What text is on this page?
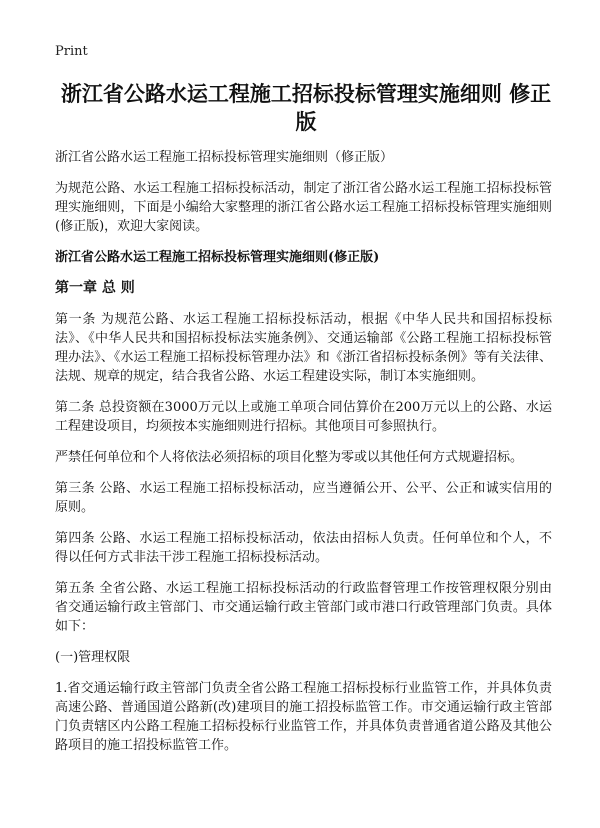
Print
浙江省公路水运工程施工招标投标管理实施细则 修正版

浙江省公路水运工程施工招标投标管理实施细则（修正版）

为规范公路、水运工程施工招标投标活动，制定了浙江省公路水运工程施工招标投标管理实施细则，下面是小编给大家整理的浙江省公路水运工程施工招标投标管理实施细则(修正版)，欢迎大家阅读。

浙江省公路水运工程施工招标投标管理实施细则(修正版)

第一章 总 则

第一条 为规范公路、水运工程施工招标投标活动，根据《中华人民共和国招标投标法》、《中华人民共和国招标投标法实施条例》、交通运输部《公路工程施工招标投标管理办法》、《水运工程施工招标投标管理办法》和《浙江省招标投标条例》等有关法律、法规、规章的规定，结合我省公路、水运工程建设实际，制订本实施细则。

第二条 总投资额在3000万元以上或施工单项合同估算价在200万元以上的公路、水运工程建设项目，均须按本实施细则进行招标。其他项目可参照执行。

严禁任何单位和个人将依法必须招标的项目化整为零或以其他任何方式规避招标。

第三条 公路、水运工程施工招标投标活动，应当遵循公开、公平、公正和诚实信用的原则。

第四条 公路、水运工程施工招标投标活动，依法由招标人负责。任何单位和个人，不得以任何方式非法干涉工程施工招标投标活动。

第五条 全省公路、水运工程施工招标投标活动的行政监督管理工作按管理权限分别由省交通运输行政主管部门、市交通运输行政主管部门或市港口行政管理部门负责。具体如下：

(一)管理权限

1.省交通运输行政主管部门负责全省公路工程施工招标投标行业监管工作，并具体负责高速公路、普通国道公路新(改)建项目的施工招投标监管工作。市交通运输行政主管部门负责辖区内公路工程施工招标投标行业监管工作，并具体负责普通省道公路及其他公路项目的施工招投标监管工作。
